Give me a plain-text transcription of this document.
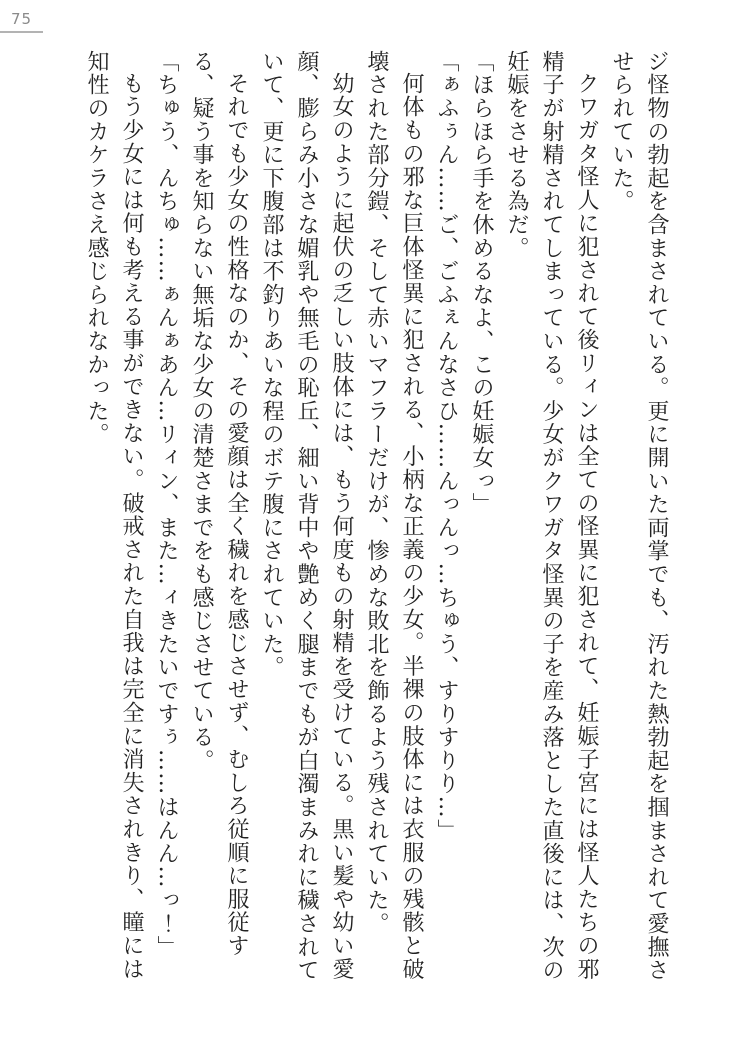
75

ジ怪物の勃起を含まされている。更に開いた両掌でも、汚れた熱勃起を掴まされて愛撫させられていた。

クワガタ怪人に犯されて後リィンは全ての怪異に犯されて、妊娠子宮には怪人たちの邪精子が射精されてしまっている。少女がクワガタ怪異の子を産み落とした直後には、次の妊娠をさせる為だ。

「ほらほら手を休めるなよ、この妊娠女っ」

「ぁふぅん……ご、ごふぇんなさひ……んっんっ…ちゅう、すりすりり…」

何体もの邪な巨体怪異に犯される、小柄な正義の少女。半裸の肢体には衣服の残骸と破壊された部分鎧、そして赤いマフラーだけが、惨めな敗北を飾るよう残されていた。

幼女のように起伏の乏しい肢体には、もう何度もの射精を受けている。黒い髪や幼い愛顔、膨らみ小さな媚乳や無毛の恥丘、細い背中や艶めく腿までもが白濁まみれに穢されていて、更に下腹部は不釣りあいな程のボテ腹にされていた。

それでも少女の性格なのか、その愛顔は全く穢れを感じさせず、むしろ従順に服従する、疑う事を知らない無垢な少女の清楚さまでをも感じさせている。

「ちゅう、んちゅ……ぁんぁあん…リィン、また…ィきたいですぅ……はんん…っ！」

もう少女には何も考える事ができない。破戒された自我は完全に消失されきり、瞳には知性のカケラさえ感じられなかった。
